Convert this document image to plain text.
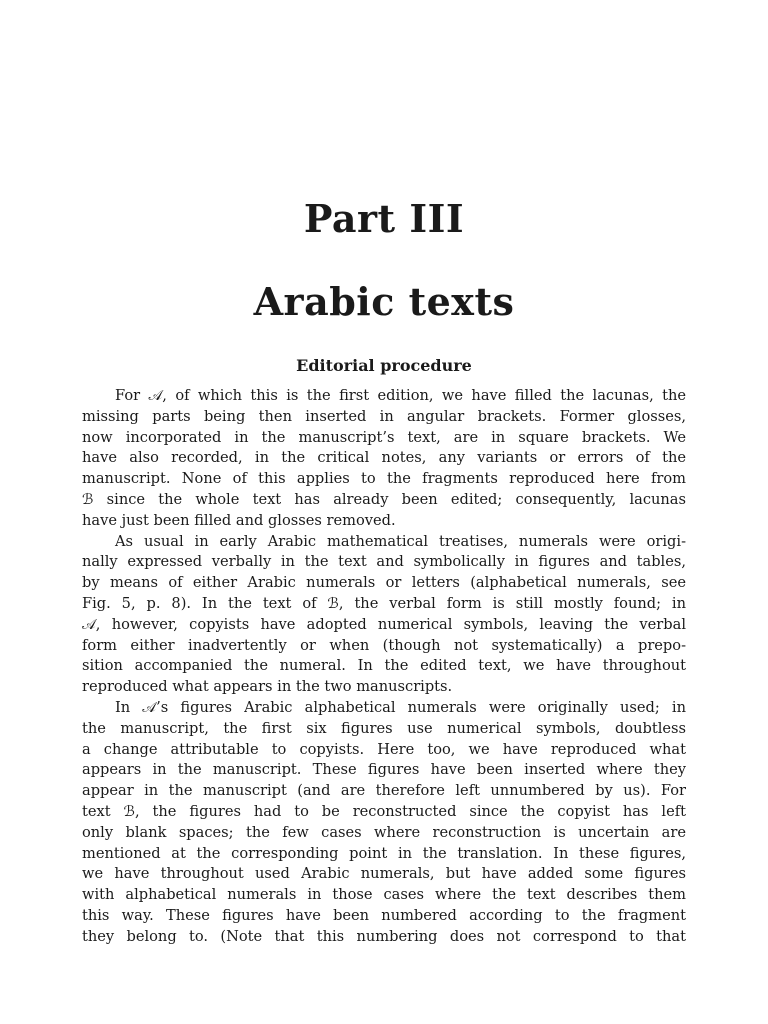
Part III
Arabic texts
Editorial procedure

For 𝒜, of which this is the first edition, we have filled the lacunas, the
missing parts being then inserted in angular brackets. Former glosses,
now incorporated in the manuscript’s text, are in square brackets. We
have also recorded, in the critical notes, any variants or errors of the
manuscript. None of this applies to the fragments reproduced here from
ℬ since the whole text has already been edited; consequently, lacunas
have just been filled and glosses removed.

As usual in early Arabic mathematical treatises, numerals were origi-
nally expressed verbally in the text and symbolically in figures and tables,
by means of either Arabic numerals or letters (alphabetical numerals, see
Fig. 5, p. 8). In the text of ℬ, the verbal form is still mostly found; in
𝒜, however, copyists have adopted numerical symbols, leaving the verbal
form either inadvertently or when (though not systematically) a prepo-
sition accompanied the numeral. In the edited text, we have throughout
reproduced what appears in the two manuscripts.

In 𝒜’s figures Arabic alphabetical numerals were originally used; in
the manuscript, the first six figures use numerical symbols, doubtless
a change attributable to copyists. Here too, we have reproduced what
appears in the manuscript. These figures have been inserted where they
appear in the manuscript (and are therefore left unnumbered by us). For
text ℬ, the figures had to be reconstructed since the copyist has left
only blank spaces; the few cases where reconstruction is uncertain are
mentioned at the corresponding point in the translation. In these figures,
we have throughout used Arabic numerals, but have added some figures
with alphabetical numerals in those cases where the text describes them
this way. These figures have been numbered according to the fragment
they belong to. (Note that this numbering does not correspond to that
